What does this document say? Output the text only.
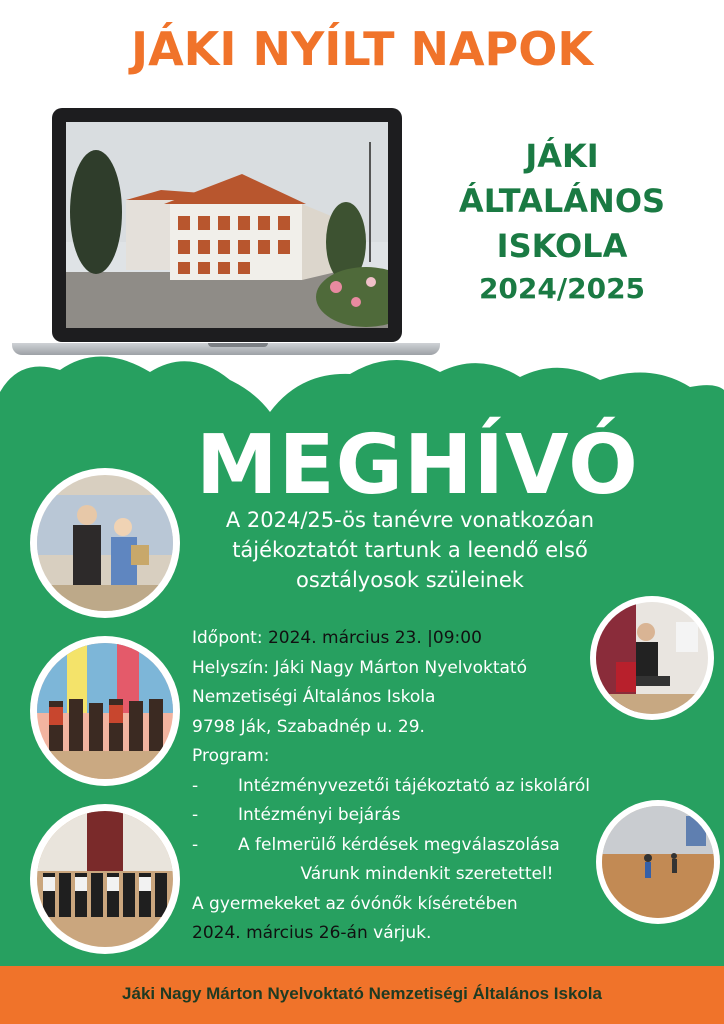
JÁKI NYÍLT NAPOK
JÁKI
ÁLTALÁNOS
ISKOLA
2024/2025
MEGHÍVÓ
A 2024/25-ös tanévre vonatkozóan
tájékoztatót tartunk a leendő első
osztályosok szüleinek
Időpont: 2024. március 23. |09:00
Helyszín: Jáki Nagy Márton Nyelvoktató
Nemzetiségi Általános Iskola
9798 Ják, Szabadnép u. 29.
Program:
-	Intézményvezetői tájékoztató az iskoláról
-	Intézményi bejárás
-	A felmerülő kérdések megválaszolása
Várunk mindenkit szeretettel!
A gyermekeket az óvónők kíséretében
2024. március 26-án várjuk.
Jáki Nagy Márton Nyelvoktató Nemzetiségi Általános Iskola
